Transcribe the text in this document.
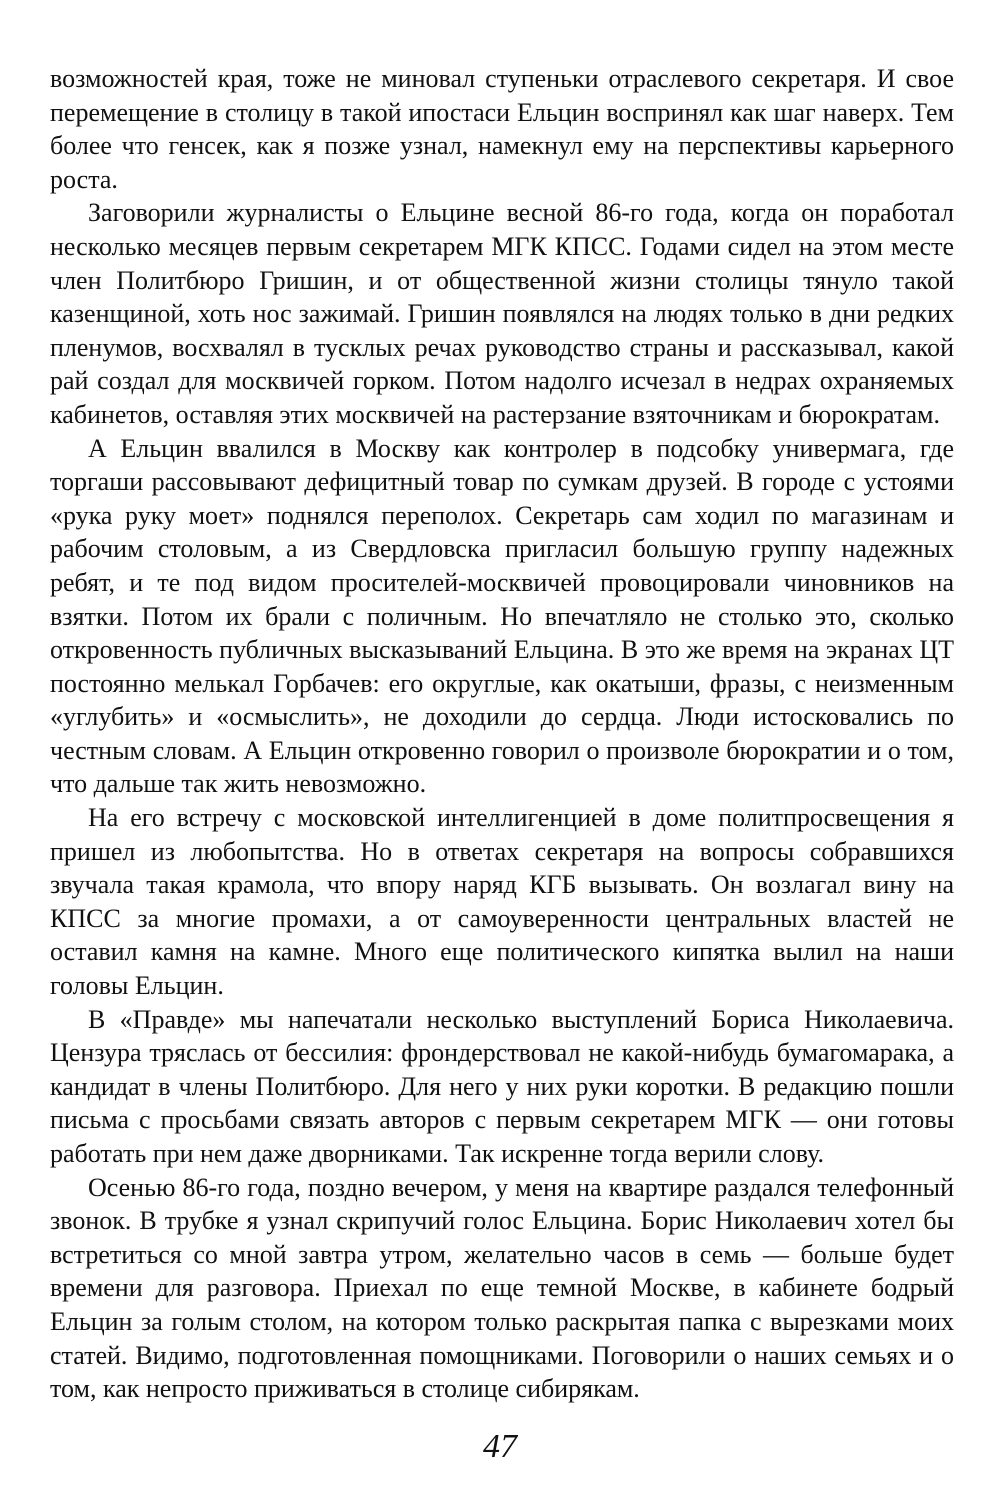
возможностей края, тоже не миновал ступеньки отраслевого секретаря. И свое перемещение в столицу в такой ипостаси Ельцин воспринял как шаг наверх. Тем более что генсек, как я позже узнал, намекнул ему на перспективы карьерного роста.

Заговорили журналисты о Ельцине весной 86-го года, когда он поработал несколько месяцев первым секретарем МГК КПСС. Годами сидел на этом месте член Политбюро Гришин, и от общественной жизни столицы тянуло такой казенщиной, хоть нос зажимай. Гришин появлялся на людях только в дни редких пленумов, восхвалял в тусклых речах руководство страны и рассказывал, какой рай создал для москвичей горком. Потом надолго исчезал в недрах охраняемых кабинетов, оставляя этих москвичей на растерзание взяточникам и бюрократам.

А Ельцин ввалился в Москву как контролер в подсобку универмага, где торгаши рассовывают дефицитный товар по сумкам друзей. В городе с устоями «рука руку моет» поднялся переполох. Секретарь сам ходил по магазинам и рабочим столовым, а из Свердловска пригласил большую группу надежных ребят, и те под видом просителей-москвичей провоцировали чиновников на взятки. Потом их брали с поличным. Но впечатляло не столько это, сколько откровенность публичных высказываний Ельцина. В это же время на экранах ЦТ постоянно мелькал Горбачев: его округлые, как окатыши, фразы, с неизменным «углубить» и «осмыслить», не доходили до сердца. Люди истосковались по честным словам. А Ельцин откровенно говорил о произволе бюрократии и о том, что дальше так жить невозможно.

На его встречу с московской интеллигенцией в доме политпросвещения я пришел из любопытства. Но в ответах секретаря на вопросы собравшихся звучала такая крамола, что впору наряд КГБ вызывать. Он возлагал вину на КПСС за многие промахи, а от самоуверенности центральных властей не оставил камня на камне. Много еще политического кипятка вылил на наши головы Ельцин.

В «Правде» мы напечатали несколько выступлений Бориса Николаевича. Цензура тряслась от бессилия: фрондерствовал не какой-нибудь бумагомарака, а кандидат в члены Политбюро. Для него у них руки коротки. В редакцию пошли письма с просьбами связать авторов с первым секретарем МГК — они готовы работать при нем даже дворниками. Так искренне тогда верили слову.

Осенью 86-го года, поздно вечером, у меня на квартире раздался телефонный звонок. В трубке я узнал скрипучий голос Ельцина. Борис Николаевич хотел бы встретиться со мной завтра утром, желательно часов в семь — больше будет времени для разговора. Приехал по еще темной Москве, в кабинете бодрый Ельцин за голым столом, на котором только раскрытая папка с вырезками моих статей. Видимо, подготовленная помощниками. Поговорили о наших семьях и о том, как непросто приживаться в столице сибирякам.

47
